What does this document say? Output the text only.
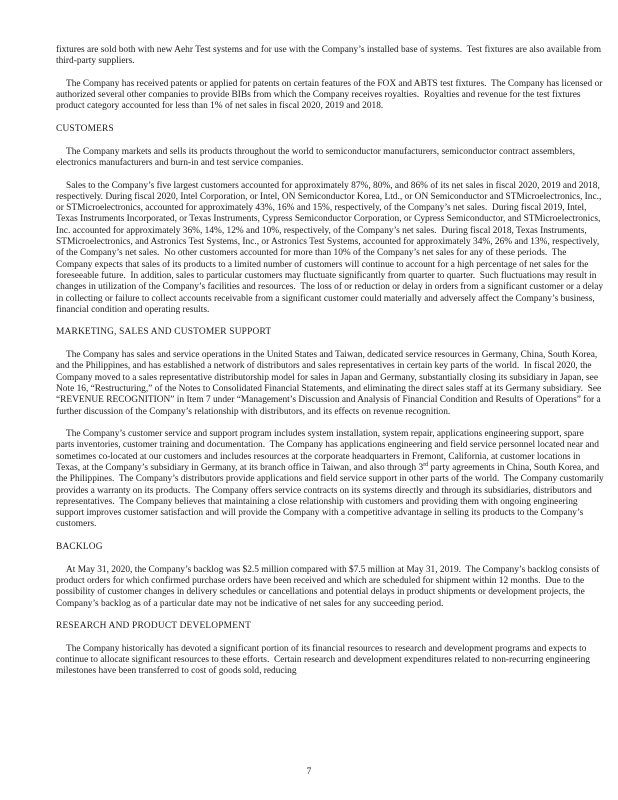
fixtures are sold both with new Aehr Test systems and for use with the Company’s installed base of systems.  Test fixtures are also available from third-party suppliers.

The Company has received patents or applied for patents on certain features of the FOX and ABTS test fixtures.  The Company has licensed or authorized several other companies to provide BIBs from which the Company receives royalties.  Royalties and revenue for the test fixtures product category accounted for less than 1% of net sales in fiscal 2020, 2019 and 2018.

CUSTOMERS

The Company markets and sells its products throughout the world to semiconductor manufacturers, semiconductor contract assemblers, electronics manufacturers and burn-in and test service companies.

Sales to the Company’s five largest customers accounted for approximately 87%, 80%, and 86% of its net sales in fiscal 2020, 2019 and 2018, respectively. During fiscal 2020, Intel Corporation, or Intel, ON Semiconductor Korea, Ltd., or ON Semiconductor and STMicroelectronics, Inc., or STMicroelectronics, accounted for approximately 43%, 16% and 15%, respectively, of the Company’s net sales.  During fiscal 2019, Intel, Texas Instruments Incorporated, or Texas Instruments, Cypress Semiconductor Corporation, or Cypress Semiconductor, and STMicroelectronics, Inc. accounted for approximately 36%, 14%, 12% and 10%, respectively, of the Company’s net sales.  During fiscal 2018, Texas Instruments, STMicroelectronics, and Astronics Test Systems, Inc., or Astronics Test Systems, accounted for approximately 34%, 26% and 13%, respectively, of the Company’s net sales.  No other customers accounted for more than 10% of the Company’s net sales for any of these periods.  The Company expects that sales of its products to a limited number of customers will continue to account for a high percentage of net sales for the foreseeable future.  In addition, sales to particular customers may fluctuate significantly from quarter to quarter.  Such fluctuations may result in changes in utilization of the Company’s facilities and resources.  The loss of or reduction or delay in orders from a significant customer or a delay in collecting or failure to collect accounts receivable from a significant customer could materially and adversely affect the Company’s business, financial condition and operating results.

MARKETING, SALES AND CUSTOMER SUPPORT

The Company has sales and service operations in the United States and Taiwan, dedicated service resources in Germany, China, South Korea, and the Philippines, and has established a network of distributors and sales representatives in certain key parts of the world.  In fiscal 2020, the Company moved to a sales representative distributorship model for sales in Japan and Germany, substantially closing its subsidiary in Japan, see Note 16, “Restructuring,” of the Notes to Consolidated Financial Statements, and eliminating the direct sales staff at its Germany subsidiary.  See “REVENUE RECOGNITION” in Item 7 under “Management’s Discussion and Analysis of Financial Condition and Results of Operations” for a further discussion of the Company’s relationship with distributors, and its effects on revenue recognition.

The Company’s customer service and support program includes system installation, system repair, applications engineering support, spare parts inventories, customer training and documentation.  The Company has applications engineering and field service personnel located near and sometimes co-located at our customers and includes resources at the corporate headquarters in Fremont, California, at customer locations in Texas, at the Company’s subsidiary in Germany, at its branch office in Taiwan, and also through 3rd party agreements in China, South Korea, and the Philippines.  The Company’s distributors provide applications and field service support in other parts of the world.  The Company customarily provides a warranty on its products.  The Company offers service contracts on its systems directly and through its subsidiaries, distributors and representatives.  The Company believes that maintaining a close relationship with customers and providing them with ongoing engineering support improves customer satisfaction and will provide the Company with a competitive advantage in selling its products to the Company’s customers.

BACKLOG

At May 31, 2020, the Company’s backlog was $2.5 million compared with $7.5 million at May 31, 2019.  The Company’s backlog consists of product orders for which confirmed purchase orders have been received and which are scheduled for shipment within 12 months.  Due to the possibility of customer changes in delivery schedules or cancellations and potential delays in product shipments or development projects, the Company’s backlog as of a particular date may not be indicative of net sales for any succeeding period.

RESEARCH AND PRODUCT DEVELOPMENT

The Company historically has devoted a significant portion of its financial resources to research and development programs and expects to continue to allocate significant resources to these efforts.  Certain research and development expenditures related to non-recurring engineering milestones have been transferred to cost of goods sold, reducing

7
